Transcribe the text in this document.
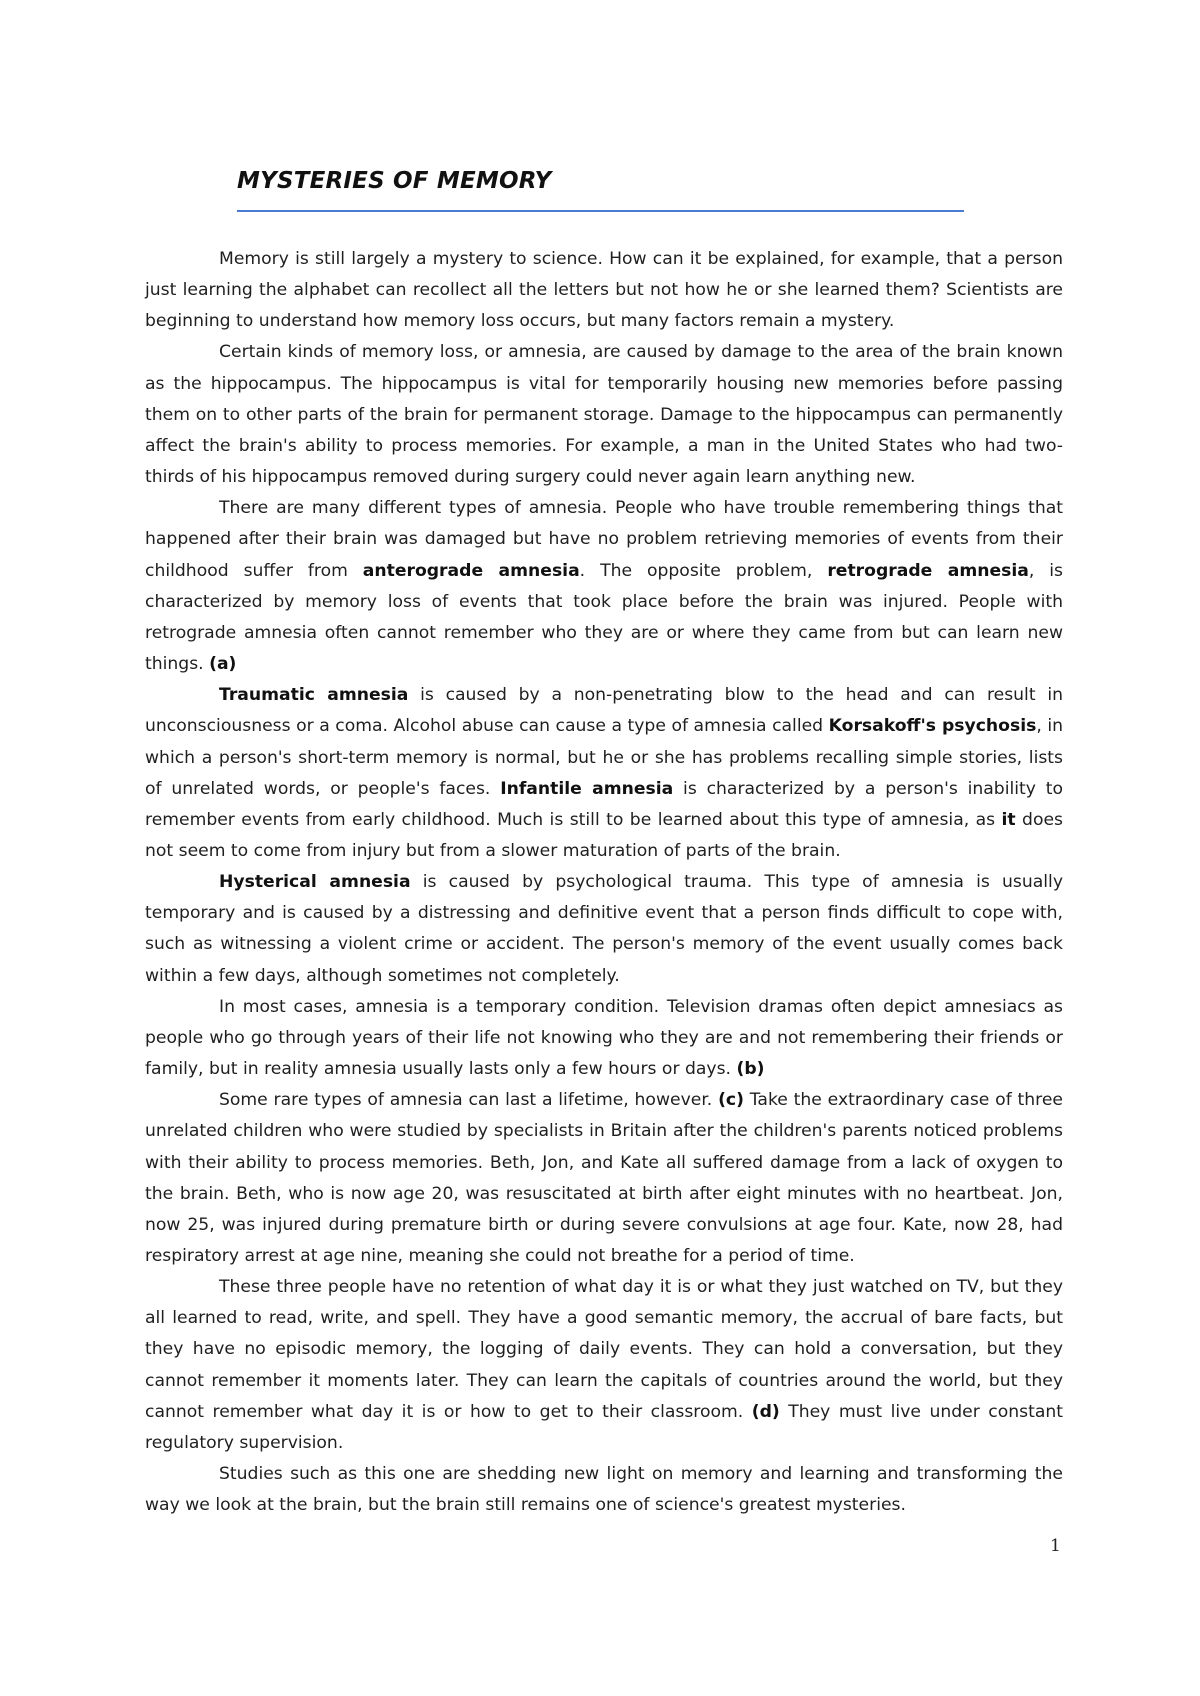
MYSTERIES OF MEMORY

Memory is still largely a mystery to science. How can it be explained, for example, that a person just learning the alphabet can recollect all the letters but not how he or she learned them? Scientists are beginning to understand how memory loss occurs, but many factors remain a mystery.

Certain kinds of memory loss, or amnesia, are caused by damage to the area of the brain known as the hippocampus. The hippocampus is vital for temporarily housing new memories before passing them on to other parts of the brain for permanent storage. Damage to the hippocampus can permanently affect the brain's ability to process memories. For example, a man in the United States who had two-thirds of his hippocampus removed during surgery could never again learn anything new.

There are many different types of amnesia. People who have trouble remembering things that happened after their brain was damaged but have no problem retrieving memories of events from their childhood suffer from anterograde amnesia. The opposite problem, retrograde amnesia, is characterized by memory loss of events that took place before the brain was injured. People with retrograde amnesia often cannot remember who they are or where they came from but can learn new things. (a)

Traumatic amnesia is caused by a non-penetrating blow to the head and can result in unconsciousness or a coma. Alcohol abuse can cause a type of amnesia called Korsakoff's psychosis, in which a person's short-term memory is normal, but he or she has problems recalling simple stories, lists of unrelated words, or people's faces. Infantile amnesia is characterized by a person's inability to remember events from early childhood. Much is still to be learned about this type of amnesia, as it does not seem to come from injury but from a slower maturation of parts of the brain.

Hysterical amnesia is caused by psychological trauma. This type of amnesia is usually temporary and is caused by a distressing and definitive event that a person finds difficult to cope with, such as witnessing a violent crime or accident. The person's memory of the event usually comes back within a few days, although sometimes not completely.

In most cases, amnesia is a temporary condition. Television dramas often depict amnesiacs as people who go through years of their life not knowing who they are and not remembering their friends or family, but in reality amnesia usually lasts only a few hours or days. (b)

Some rare types of amnesia can last a lifetime, however. (c) Take the extraordinary case of three unrelated children who were studied by specialists in Britain after the children's parents noticed problems with their ability to process memories. Beth, Jon, and Kate all suffered damage from a lack of oxygen to the brain. Beth, who is now age 20, was resuscitated at birth after eight minutes with no heartbeat. Jon, now 25, was injured during premature birth or during severe convulsions at age four. Kate, now 28, had respiratory arrest at age nine, meaning she could not breathe for a period of time.

These three people have no retention of what day it is or what they just watched on TV, but they all learned to read, write, and spell. They have a good semantic memory, the accrual of bare facts, but they have no episodic memory, the logging of daily events. They can hold a conversation, but they cannot remember it moments later. They can learn the capitals of countries around the world, but they cannot remember what day it is or how to get to their classroom. (d) They must live under constant regulatory supervision.

Studies such as this one are shedding new light on memory and learning and transforming the way we look at the brain, but the brain still remains one of science's greatest mysteries.

1
